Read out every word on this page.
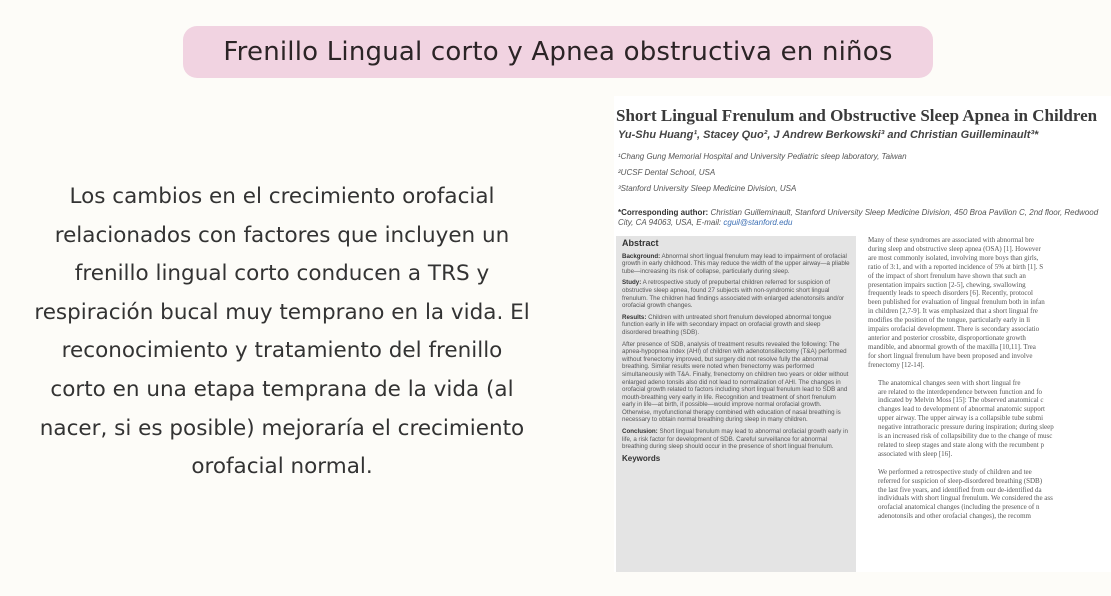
Frenillo Lingual corto y Apnea obstructiva en niños
Los cambios en el crecimiento orofacial
relacionados con factores que incluyen un
frenillo lingual corto conducen a TRS y
respiración bucal muy temprano en la vida. El
reconocimiento y tratamiento del frenillo
corto en una etapa temprana de la vida (al
nacer, si es posible) mejoraría el crecimiento
orofacial normal.
Short Lingual Frenulum and Obstructive Sleep Apnea in Children
Yu-Shu Huang¹, Stacey Quo², J Andrew Berkowski³ and Christian Guilleminault³*
¹Chang Gung Memorial Hospital and University Pediatric sleep laboratory, Taiwan
²UCSF Dental School, USA
³Stanford University Sleep Medicine Division, USA
*Corresponding author: Christian Guilleminault, Stanford University Sleep Medicine Division, 450 Broa Pavilion C, 2nd floor, Redwood City, CA 94063, USA, E-mail: cguil@stanford.edu
Abstract
Background: Abnormal short lingual frenulum may lead to impairment of orofacial growth in early childhood. This may reduce the width of the upper airway—a pliable tube—increasing its risk of collapse, particularly during sleep.
Study: A retrospective study of prepubertal children referred for suspicion of obstructive sleep apnea, found 27 subjects with non-syndromic short lingual frenulum. The children had findings associated with enlarged adenotonsils and/or orofacial growth changes.
Results: Children with untreated short frenulum developed abnormal tongue function early in life with secondary impact on orofacial growth and sleep disordered breathing (SDB).
After presence of SDB, analysis of treatment results revealed the following: The apnea-hypopnea index (AHI) of children with adenotonsillectomy (T&A) performed without frenectomy improved, but surgery did not resolve fully the abnormal breathing. Similar results were noted when frenectomy was performed simultaneously with T&A. Finally, frenectomy on children two years or older without enlarged adeno tonsils also did not lead to normalization of AHI. The changes in orofacial growth related to factors including short lingual frenulum lead to SDB and mouth-breathing very early in life. Recognition and treatment of short frenulum early in life—at birth, if possible—would improve normal orofacial growth. Otherwise, myofunctional therapy combined with education of nasal breathing is necessary to obtain normal breathing during sleep in many children.
Conclusion: Short lingual frenulum may lead to abnormal orofacial growth early in life, a risk factor for development of SDB. Careful surveillance for abnormal breathing during sleep should occur in the presence of short lingual frenulum.
Keywords

Many of these syndromes are associated with abnormal bre
during sleep and obstructive sleep apnea (OSA) [1]. However
are most commonly isolated, involving more boys than girls,
ratio of 3:1, and with a reported incidence of 5% at birth [1]. S
of the impact of short frenulum have shown that such an
presentation impairs suction [2-5], chewing, swallowing
frequently leads to speech disorders [6]. Recently, protocol
been published for evaluation of lingual frenulum both in infan
in children [2,7-9]. It was emphasized that a short lingual fre
modifies the position of the tongue, particularly early in li
impairs orofacial development. There is secondary associatio
anterior and posterior crossbite, disproportionate growth
mandible, and abnormal growth of the maxilla [10,11]. Trea
for short lingual frenulum have been proposed and involve
frenectomy [12-14].

The anatomical changes seen with short lingual fre
are related to the interdependence between function and fo
indicated by Melvin Moss [15]: The observed anatomical c
changes lead to development of abnormal anatomic support
upper airway. The upper airway is a collapsible tube submi
negative intrathoracic pressure during inspiration; during sleep
is an increased risk of collapsibility due to the change of musc
related to sleep stages and state along with the recumbent p
associated with sleep [16].

We performed a retrospective study of children and tee
referred for suspicion of sleep-disordered breathing (SDB)
the last five years, and identified from our de-identified da
individuals with short lingual frenulum. We considered the ass
orofacial anatomical changes (including the presence of n
adenotonsils and other orofacial changes), the recomm
